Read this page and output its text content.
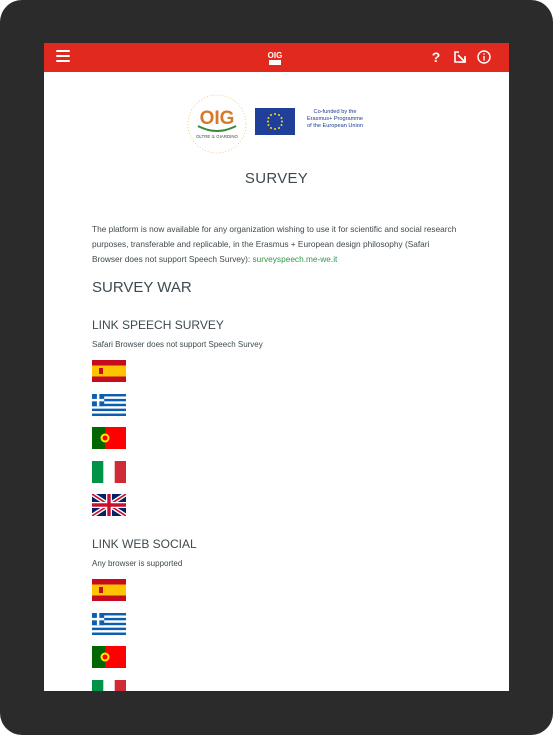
OIG	?
OIG
OLTRE IL GIARDINO
Co-funded by the
Erasmus+ Programme
of the European Union
SURVEY
The platform is now available for any organization wishing to use it for scientific and social research purposes, transferable and replicable, in the Erasmus + European design philosophy (Safari Browser does not support Speech Survey): surveyspeech.me-we.it
SURVEY WAR
LINK SPEECH SURVEY
Safari Browser does not support Speech Survey
LINK WEB SOCIAL
Any browser is supported
